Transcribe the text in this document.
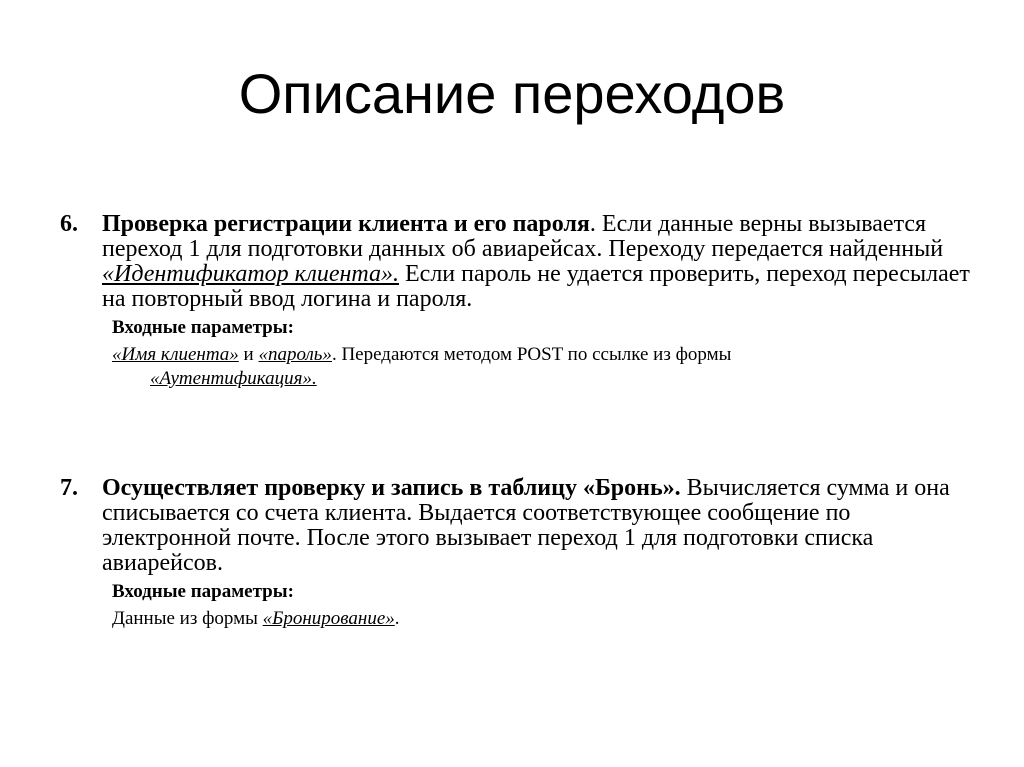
Описание переходов
6. Проверка регистрации клиента и его пароля. Если данные верны вызывается переход 1 для подготовки данных об авиарейсах. Переходу передается найденный «Идентификатор клиента». Если пароль не удается проверить, переход пересылает на повторный ввод логина и пароля.
Входные параметры:
«Имя клиента» и «пароль». Передаются методом POST по ссылке из формы
«Аутентификация».
7. Осуществляет проверку и запись в таблицу «Бронь». Вычисляется сумма и она списывается со счета клиента. Выдается соответствующее сообщение по электронной почте. После этого вызывает переход 1 для подготовки списка авиарейсов.
Входные параметры:
Данные из формы «Бронирование».
